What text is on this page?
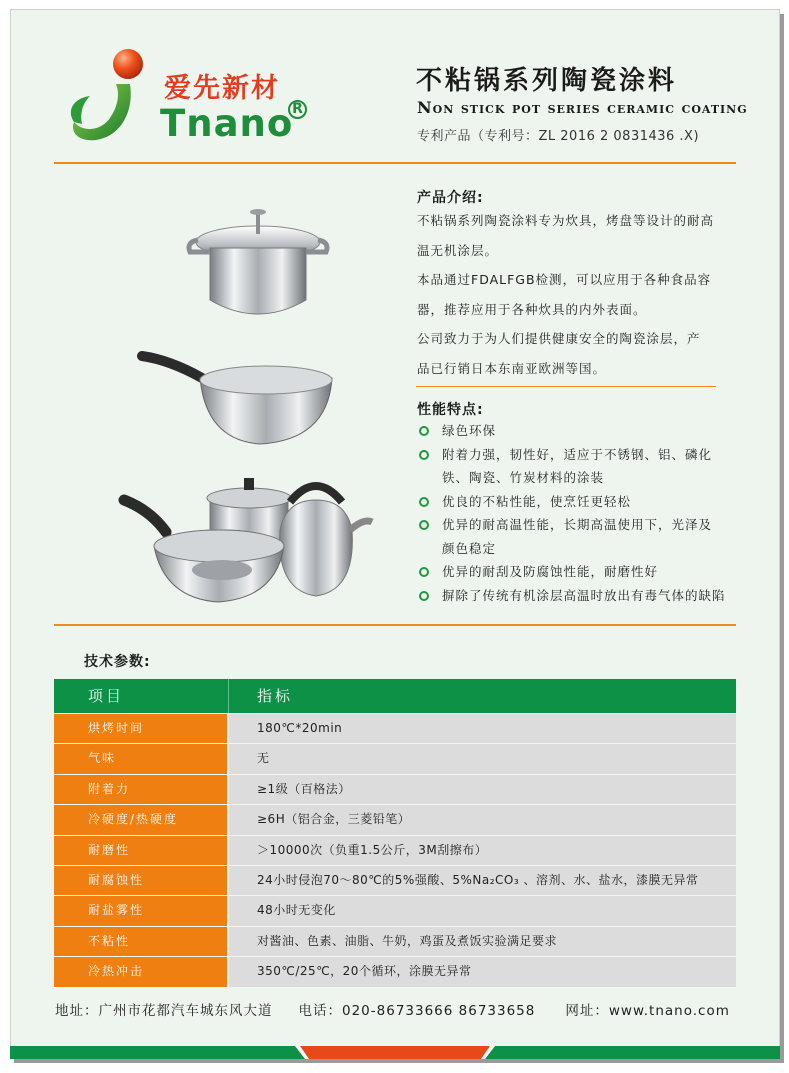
爱先新材
Tnano
R
不粘锅系列陶瓷涂料
Non stick pot series ceramic coating
专利产品（专利号：ZL 2016 2 0831436 .X)
产品介绍:

不粘锅系列陶瓷涂料专为炊具，烤盘等设计的耐高

温无机涂层。

本品通过FDALFGB检测，可以应用于各种食品容

器，推荐应用于各种炊具的内外表面。

公司致力于为人们提供健康安全的陶瓷涂层，产

品已行销日本东南亚欧洲等国。

性能特点:
绿色环保
附着力强，韧性好，适应于不锈钢、铝、磷化
铁、陶瓷、竹炭材料的涂装
优良的不粘性能，使烹饪更轻松
优异的耐高温性能，长期高温使用下，光泽及
颜色稳定
优异的耐刮及防腐蚀性能，耐磨性好
摒除了传统有机涂层高温时放出有毒气体的缺陷
技术参数:
项目	指标
烘烤时间	180℃*20min
气味	无
附着力	≥1级（百格法）
冷硬度/热硬度	≥6H（铝合金，三菱铅笔）
耐磨性	＞10000次（负重1.5公斤，3M刮擦布）
耐腐蚀性	24小时侵泡70～80℃的5%强酸、5%Na₂CO₃ 、溶剂、水、盐水，漆膜无异常
耐盐雾性	48小时无变化
不粘性	对酱油、色素、油脂、牛奶，鸡蛋及煮饭实验满足要求
冷热冲击	350℃/25℃，20个循环，涂膜无异常
地址：广州市花都汽车城东风大道 电话：020-86733666 86733658 网址：www.tnano.com
